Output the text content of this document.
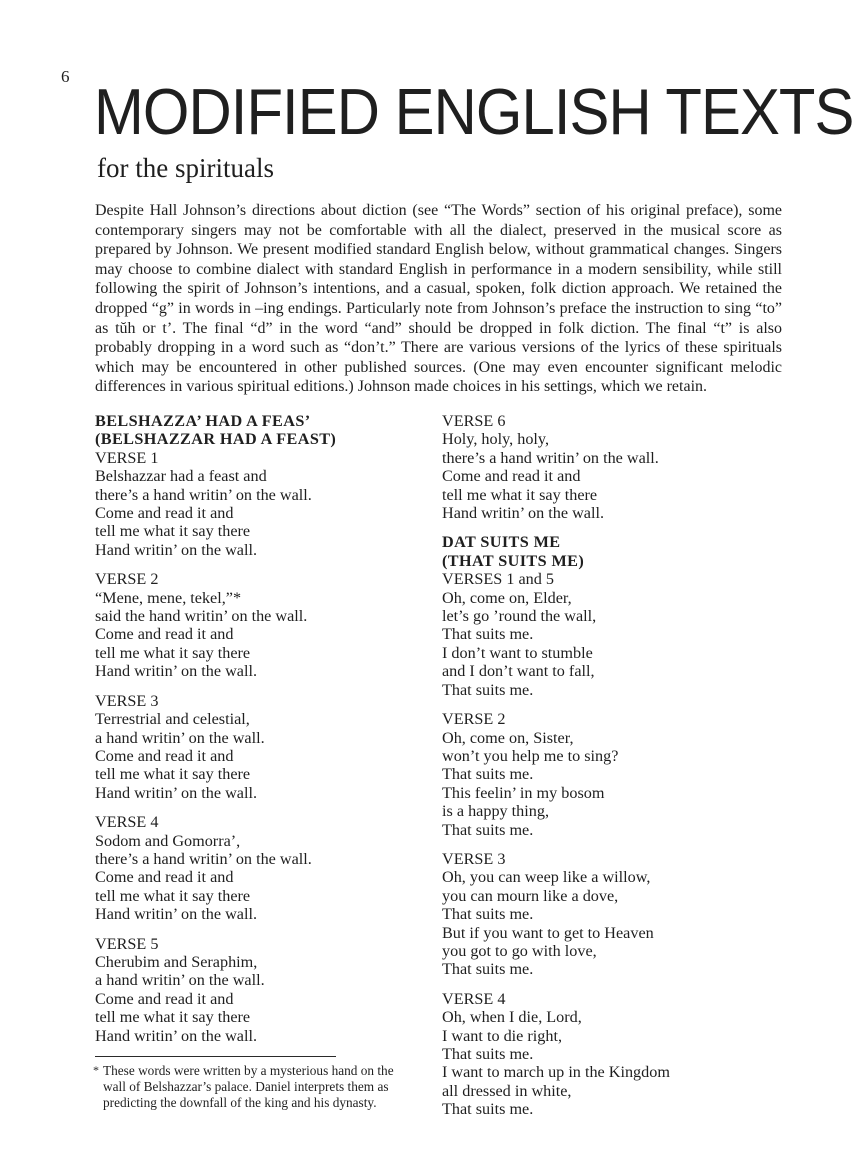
6 MODIFIED ENGLISH TEXTS
for the spirituals

Despite Hall Johnson’s directions about diction (see “The Words” section of his original preface), some contemporary singers may not be comfortable with all the dialect, preserved in the musical score as prepared by Johnson. We present modified standard English below, without grammatical changes. Singers may choose to combine dialect with standard English in performance in a modern sensibility, while still following the spirit of Johnson’s intentions, and a casual, spoken, folk diction approach. We retained the dropped “g” in words in –ing endings. Particularly note from Johnson’s preface the instruction to sing “to” as tŭh or t’. The final “d” in the word “and” should be dropped in folk diction. The final “t” is also probably dropping in a word such as “don’t.” There are various versions of the lyrics of these spirituals which may be encountered in other published sources. (One may even encounter significant melodic differences in various spiritual editions.) Johnson made choices in his settings, which we retain.

BELSHAZZA’ HAD A FEAS’
(BELSHAZZAR HAD A FEAST)
VERSE 1
Belshazzar had a feast and
there’s a hand writin’ on the wall.
Come and read it and
tell me what it say there
Hand writin’ on the wall.
VERSE 2
“Mene, mene, tekel,”*
said the hand writin’ on the wall.
Come and read it and
tell me what it say there
Hand writin’ on the wall.
VERSE 3
Terrestrial and celestial,
a hand writin’ on the wall.
Come and read it and
tell me what it say there
Hand writin’ on the wall.
VERSE 4
Sodom and Gomorra’,
there’s a hand writin’ on the wall.
Come and read it and
tell me what it say there
Hand writin’ on the wall.
VERSE 5
Cherubim and Seraphim,
a hand writin’ on the wall.
Come and read it and
tell me what it say there
Hand writin’ on the wall.
* These words were written by a mysterious hand on the
wall of Belshazzar’s palace. Daniel interprets them as
predicting the downfall of the king and his dynasty.
VERSE 6
Holy, holy, holy,
there’s a hand writin’ on the wall.
Come and read it and
tell me what it say there
Hand writin’ on the wall.
DAT SUITS ME
(THAT SUITS ME)
VERSES 1 and 5
Oh, come on, Elder,
let’s go ’round the wall,
That suits me.
I don’t want to stumble
and I don’t want to fall,
That suits me.
VERSE 2
Oh, come on, Sister,
won’t you help me to sing?
That suits me.
This feelin’ in my bosom
is a happy thing,
That suits me.
VERSE 3
Oh, you can weep like a willow,
you can mourn like a dove,
That suits me.
But if you want to get to Heaven
you got to go with love,
That suits me.
VERSE 4
Oh, when I die, Lord,
I want to die right,
That suits me.
I want to march up in the Kingdom
all dressed in white,
That suits me.
